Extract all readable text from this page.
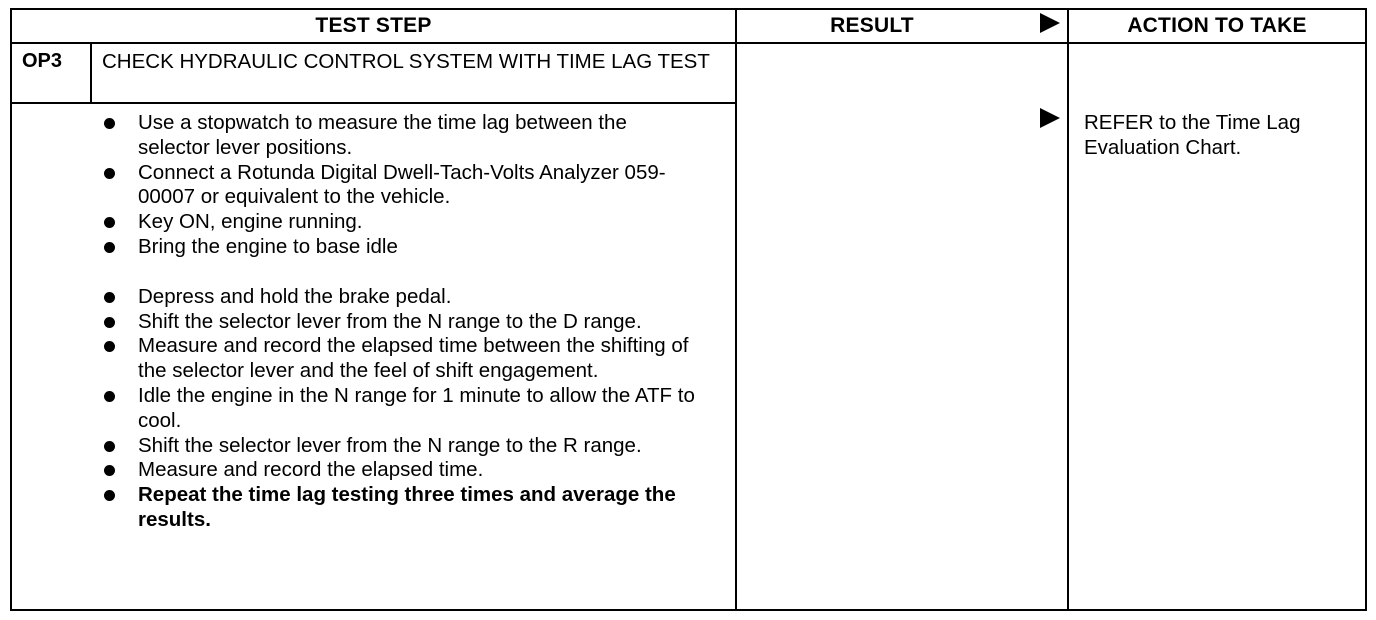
TEST STEP	RESULT	ACTION TO TAKE
OP3 CHECK HYDRAULIC CONTROL SYSTEM WITH TIME LAG TEST
Use a stopwatch to measure the time lag between the selector lever positions.
Connect a Rotunda Digital Dwell-Tach-Volts Analyzer 059-00007 or equivalent to the vehicle.
Key ON, engine running.
Bring the engine to base idle
Depress and hold the brake pedal.
Shift the selector lever from the N range to the D range.
Measure and record the elapsed time between the shifting of the selector lever and the feel of shift engagement.
Idle the engine in the N range for 1 minute to allow the ATF to cool.
Shift the selector lever from the N range to the R range.
Measure and record the elapsed time.
Repeat the time lag testing three times and average the results.
REFER to the Time Lag Evaluation Chart.
